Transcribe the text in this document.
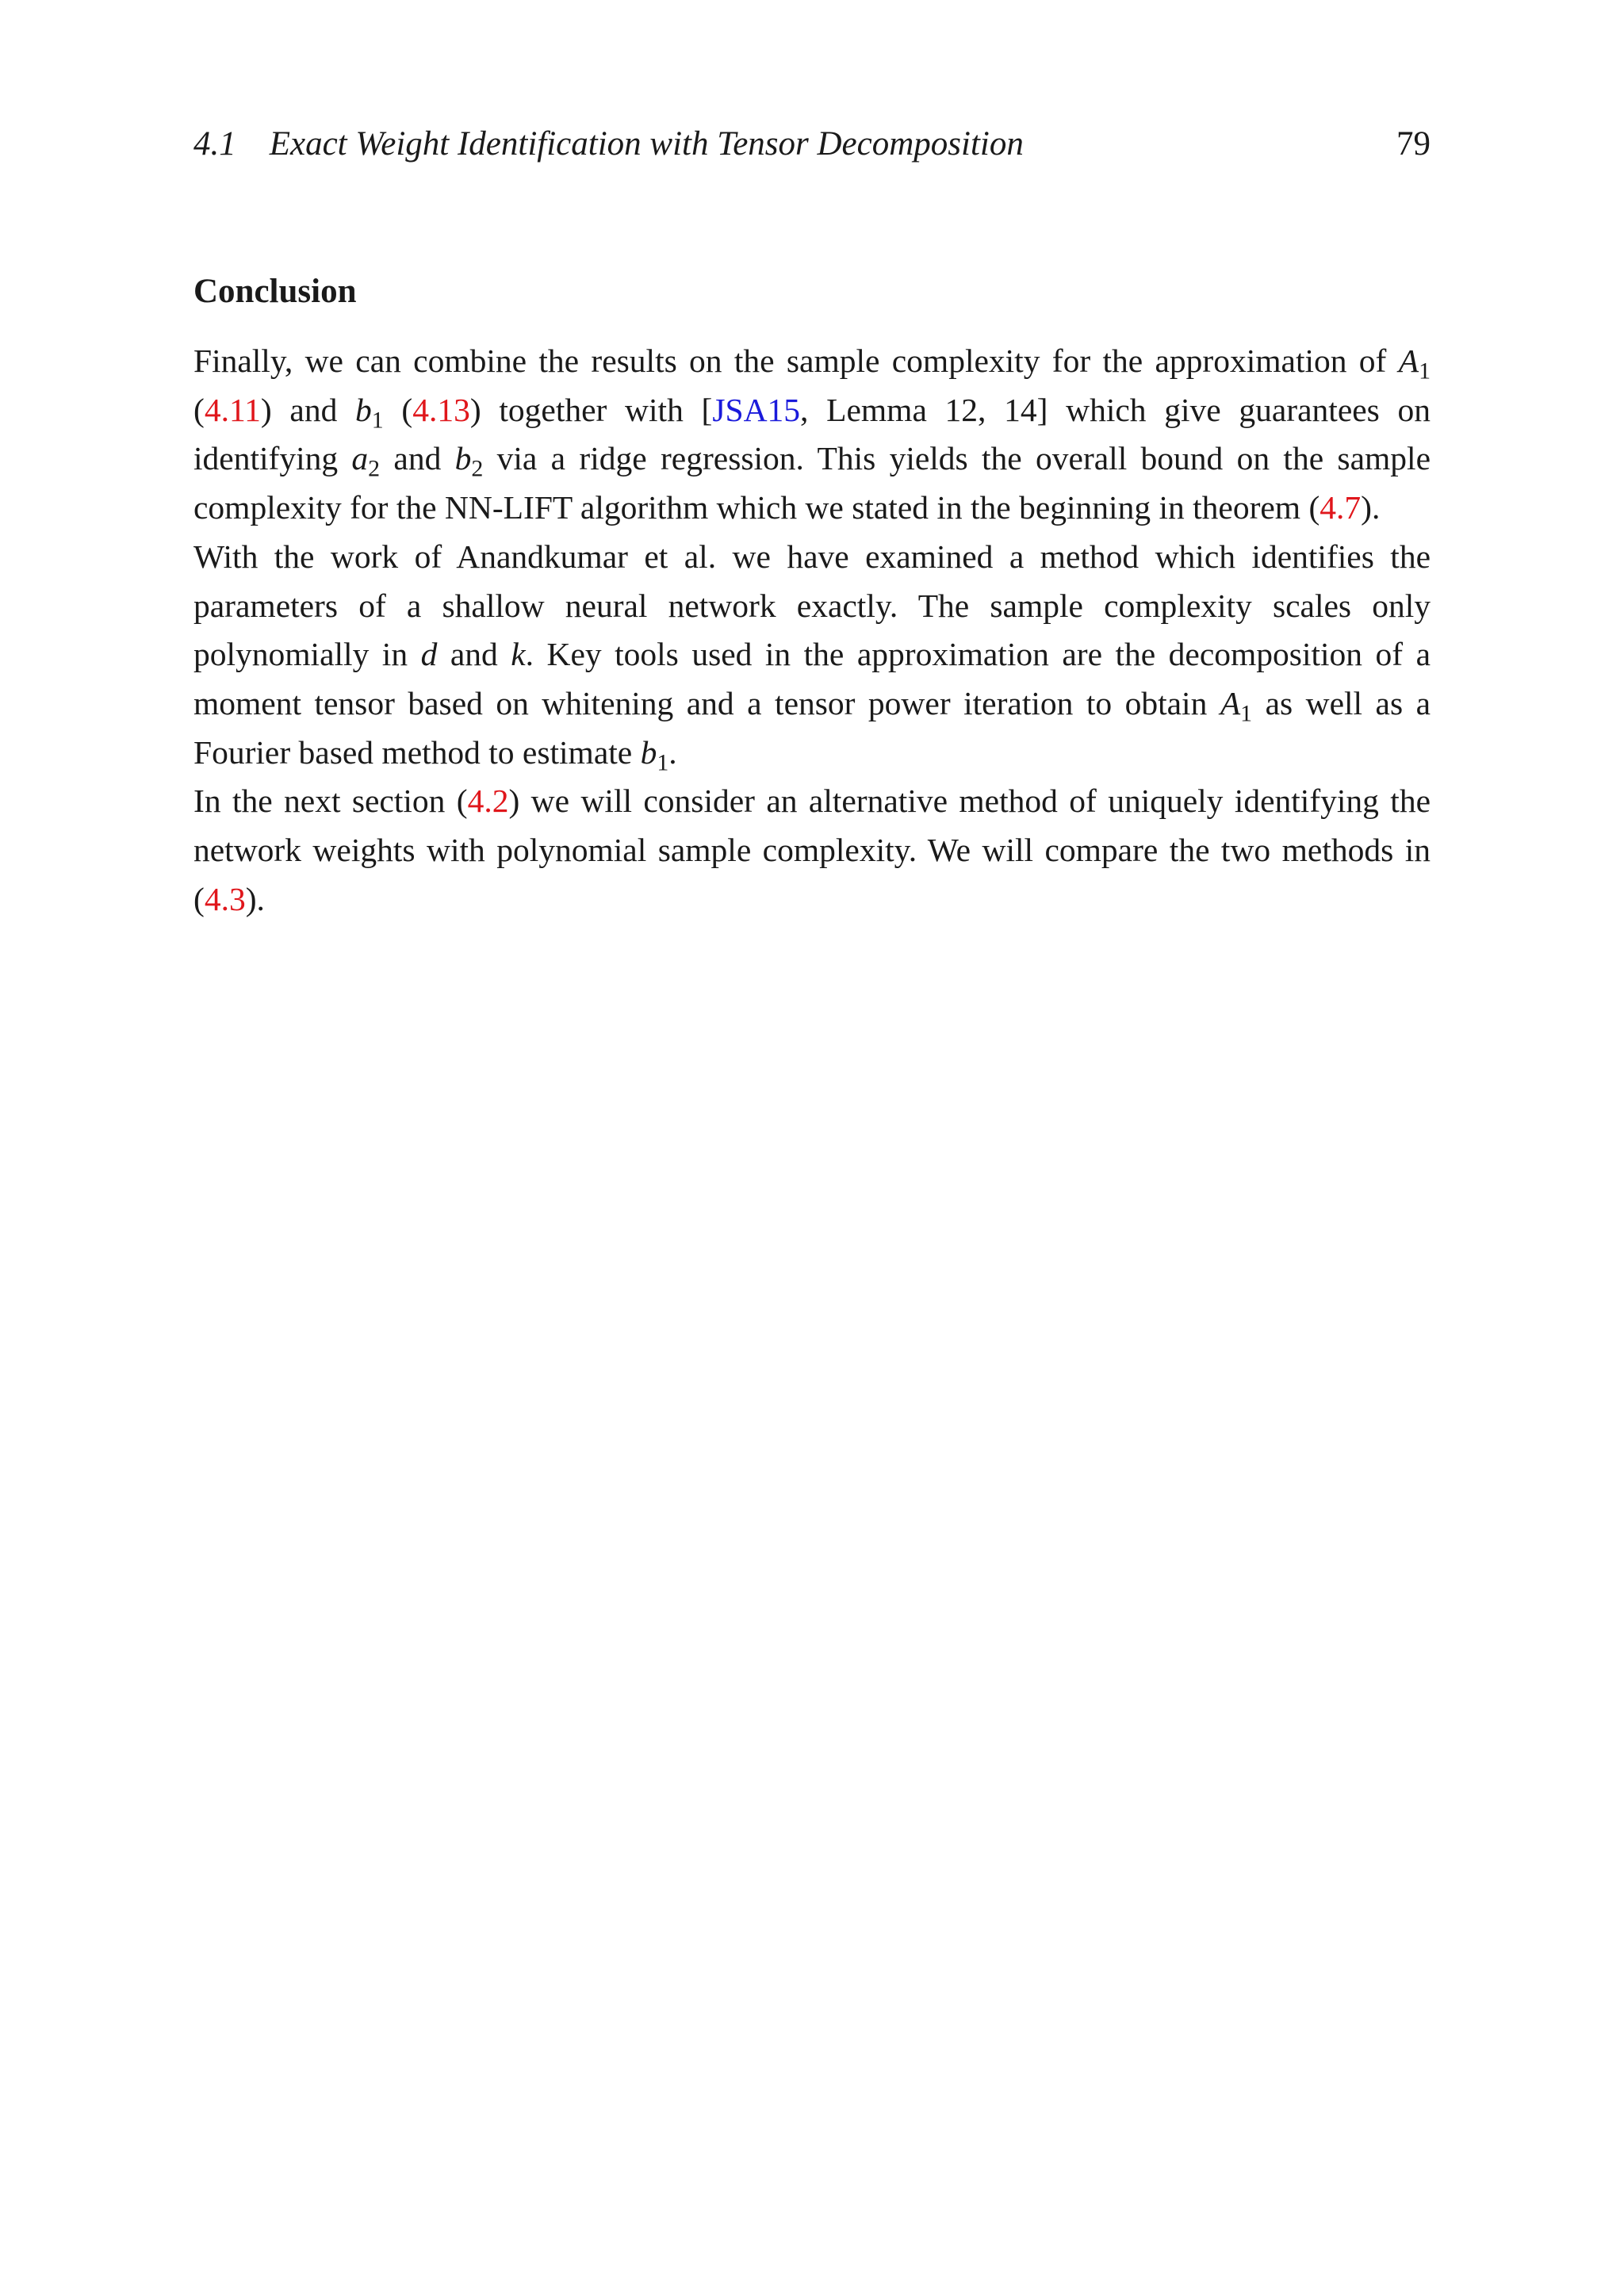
4.1 Exact Weight Identification with Tensor Decomposition	79
Conclusion

Finally, we can combine the results on the sample complexity for the approximation of $A_1$ (4.11) and $b_1$ (4.13) together with [JSA15, Lemma 12, 14] which give guarantees on identifying $a_2$ and $b_2$ via a ridge regression. This yields the overall bound on the sample complexity for the NN-LIFT algorithm which we stated in the beginning in theorem (4.7).

With the work of Anandkumar et al. we have examined a method which identifies the parameters of a shallow neural network exactly. The sample complexity scales only polynomially in d and k. Key tools used in the approximation are the decomposition of a moment tensor based on whitening and a tensor power iteration to obtain $A_1$ as well as a Fourier based method to estimate $b_1$.

In the next section (4.2) we will consider an alternative method of uniquely identifying the network weights with polynomial sample complexity. We will compare the two methods in (4.3).
